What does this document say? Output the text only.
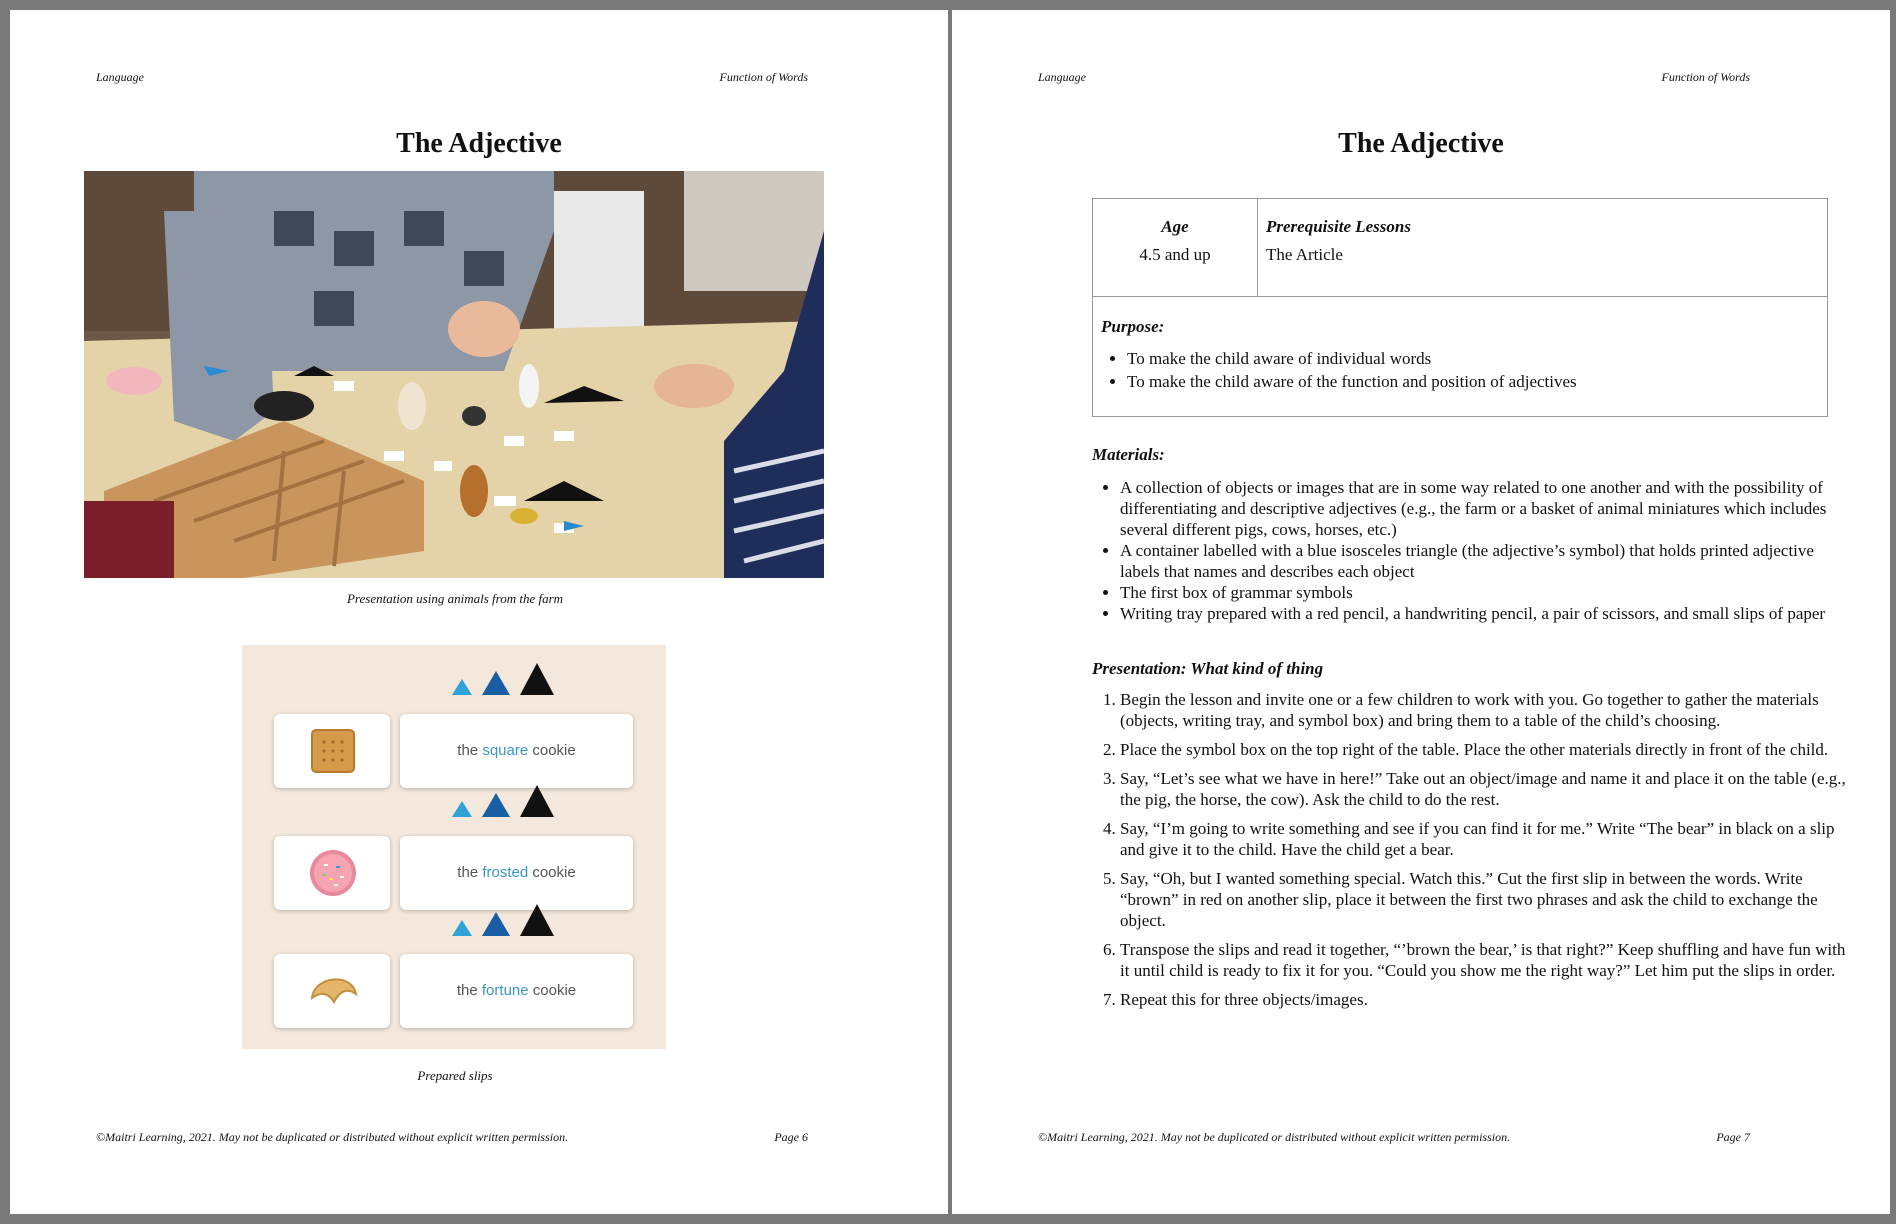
Language	Function of Words
The Adjective
Presentation using animals from the farm
the square cookie
the frosted cookie
the fortune cookie
Prepared slips
©Maitri Learning, 2021. May not be duplicated or distributed without explicit written permission.	Page 6
Language	Function of Words
The Adjective
Age
4.5 and up

Prerequisite Lessons
The Article

Purpose:
• To make the child aware of individual words
• To make the child aware of the function and position of adjectives
Materials:
• A collection of objects or images that are in some way related to one another and with the possibility of differentiating and descriptive adjectives (e.g., the farm or a basket of animal miniatures which includes several different pigs, cows, horses, etc.)
• A container labelled with a blue isosceles triangle (the adjective’s symbol) that holds printed adjective labels that names and describes each object
• The first box of grammar symbols
• Writing tray prepared with a red pencil, a handwriting pencil, a pair of scissors, and small slips of paper
Presentation: What kind of thing
1. Begin the lesson and invite one or a few children to work with you. Go together to gather the materials (objects, writing tray, and symbol box) and bring them to a table of the child’s choosing.
2. Place the symbol box on the top right of the table. Place the other materials directly in front of the child.
3. Say, “Let’s see what we have in here!” Take out an object/image and name it and place it on the table (e.g., the pig, the horse, the cow). Ask the child to do the rest.
4. Say, “I’m going to write something and see if you can find it for me.” Write “The bear” in black on a slip and give it to the child. Have the child get a bear.
5. Say, “Oh, but I wanted something special. Watch this.” Cut the first slip in between the words. Write “brown” in red on another slip, place it between the first two phrases and ask the child to exchange the object.
6. Transpose the slips and read it together, “’brown the bear,’ is that right?” Keep shuffling and have fun with it until child is ready to fix it for you. “Could you show me the right way?” Let him put the slips in order.
7. Repeat this for three objects/images.
©Maitri Learning, 2021. May not be duplicated or distributed without explicit written permission.	Page 7
